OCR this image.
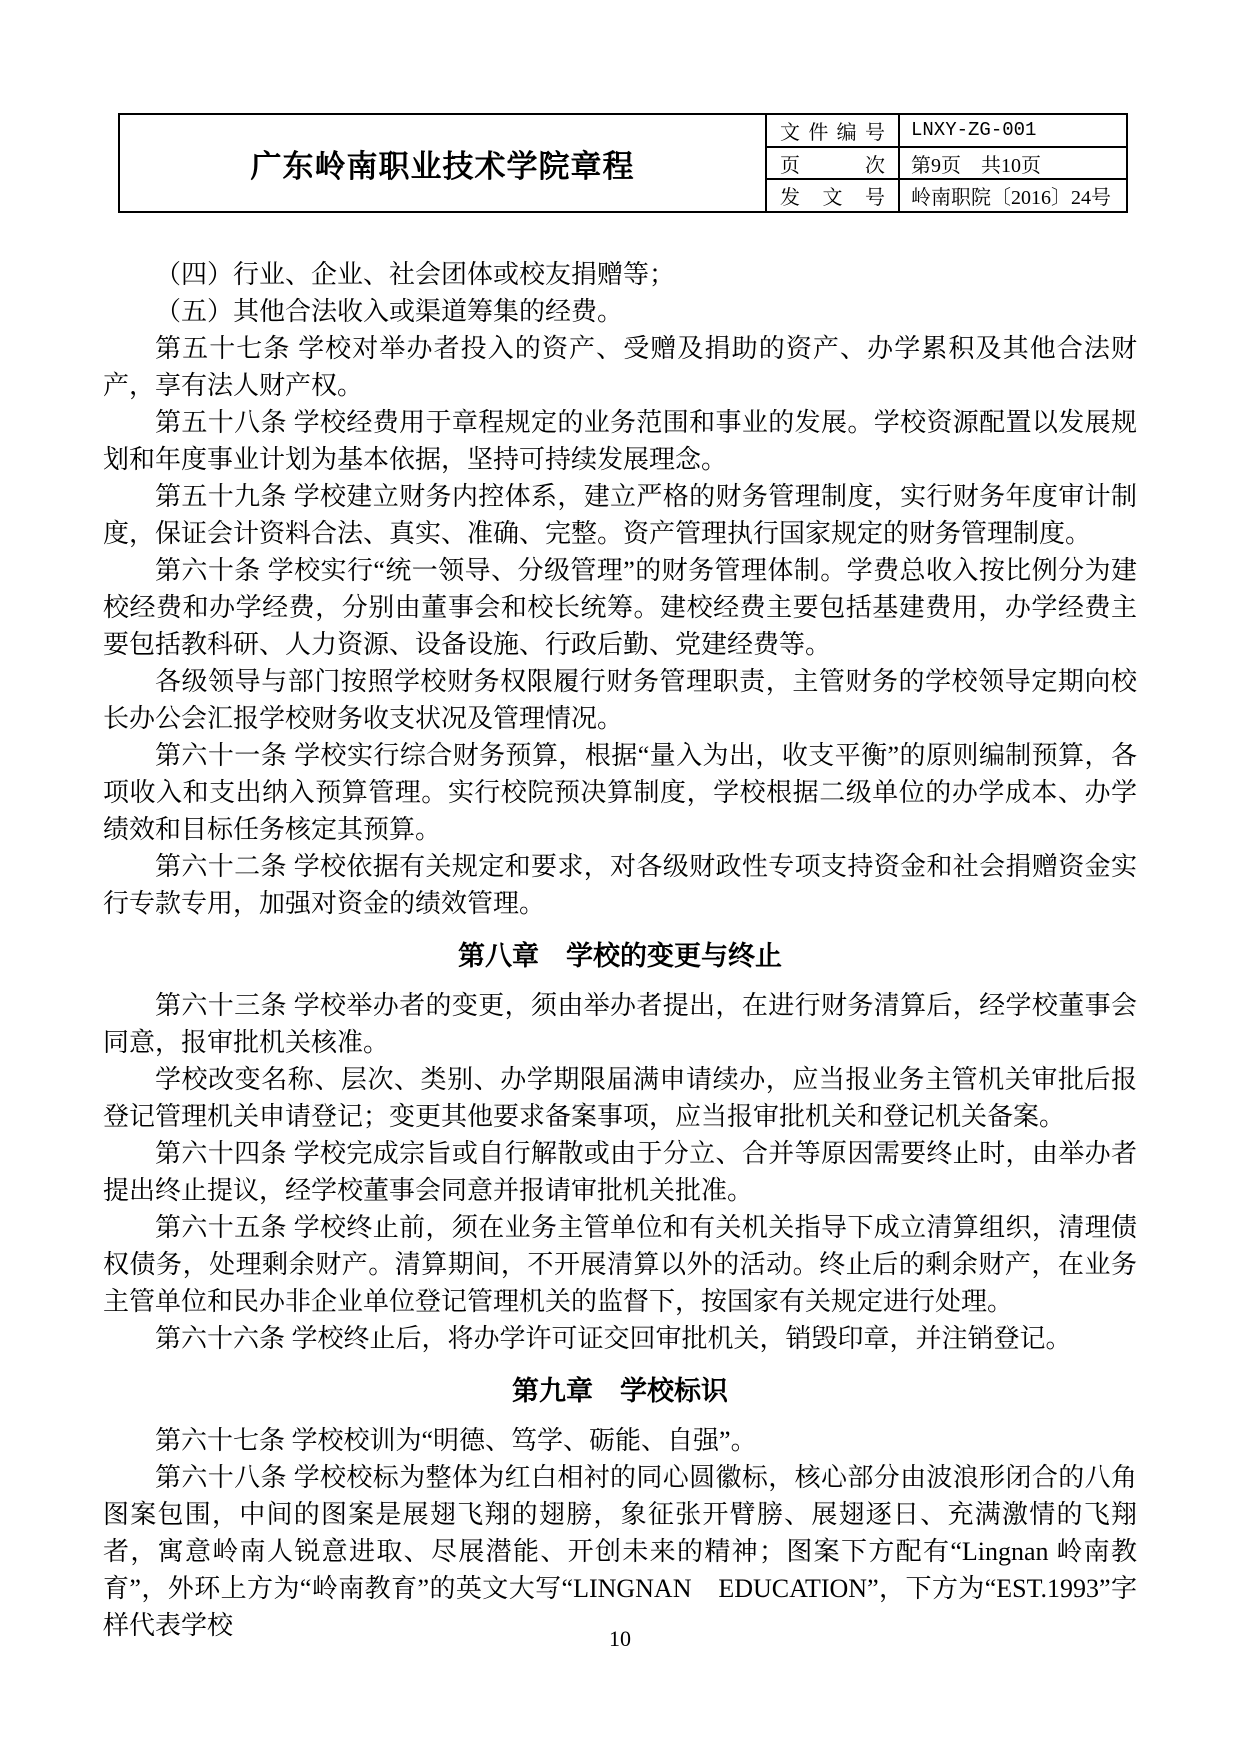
广东岭南职业技术学院章程
文 件 编 号	LNXY-ZG-001
页	次	第9页　共10页
发 文 号	岭南职院〔2016〕24号

（四）行业、企业、社会团体或校友捐赠等；

（五）其他合法收入或渠道筹集的经费。

第五十七条 学校对举办者投入的资产、受赠及捐助的资产、办学累积及其他合法财产，享有法人财产权。

第五十八条 学校经费用于章程规定的业务范围和事业的发展。学校资源配置以发展规划和年度事业计划为基本依据，坚持可持续发展理念。

第五十九条 学校建立财务内控体系，建立严格的财务管理制度，实行财务年度审计制度，保证会计资料合法、真实、准确、完整。资产管理执行国家规定的财务管理制度。

第六十条 学校实行“统一领导、分级管理”的财务管理体制。学费总收入按比例分为建校经费和办学经费，分别由董事会和校长统筹。建校经费主要包括基建费用，办学经费主要包括教科研、人力资源、设备设施、行政后勤、党建经费等。

各级领导与部门按照学校财务权限履行财务管理职责，主管财务的学校领导定期向校长办公会汇报学校财务收支状况及管理情况。

第六十一条 学校实行综合财务预算，根据“量入为出，收支平衡”的原则编制预算，各项收入和支出纳入预算管理。实行校院预决算制度，学校根据二级单位的办学成本、办学绩效和目标任务核定其预算。

第六十二条 学校依据有关规定和要求，对各级财政性专项支持资金和社会捐赠资金实行专款专用，加强对资金的绩效管理。

第八章　学校的变更与终止

第六十三条 学校举办者的变更，须由举办者提出，在进行财务清算后，经学校董事会同意，报审批机关核准。

学校改变名称、层次、类别、办学期限届满申请续办，应当报业务主管机关审批后报登记管理机关申请登记；变更其他要求备案事项，应当报审批机关和登记机关备案。

第六十四条 学校完成宗旨或自行解散或由于分立、合并等原因需要终止时，由举办者提出终止提议，经学校董事会同意并报请审批机关批准。

第六十五条 学校终止前，须在业务主管单位和有关机关指导下成立清算组织，清理债权债务，处理剩余财产。清算期间，不开展清算以外的活动。终止后的剩余财产，在业务主管单位和民办非企业单位登记管理机关的监督下，按国家有关规定进行处理。

第六十六条 学校终止后，将办学许可证交回审批机关，销毁印章，并注销登记。

第九章　学校标识

第六十七条 学校校训为“明德、笃学、砺能、自强”。

第六十八条 学校校标为整体为红白相衬的同心圆徽标，核心部分由波浪形闭合的八角图案包围，中间的图案是展翅飞翔的翅膀，象征张开臂膀、展翅逐日、充满激情的飞翔者，寓意岭南人锐意进取、尽展潜能、开创未来的精神；图案下方配有“Lingnan 岭南教育”，外环上方为“岭南教育”的英文大写“LINGNAN　EDUCATION”，下方为“EST.1993”字样代表学校	10
